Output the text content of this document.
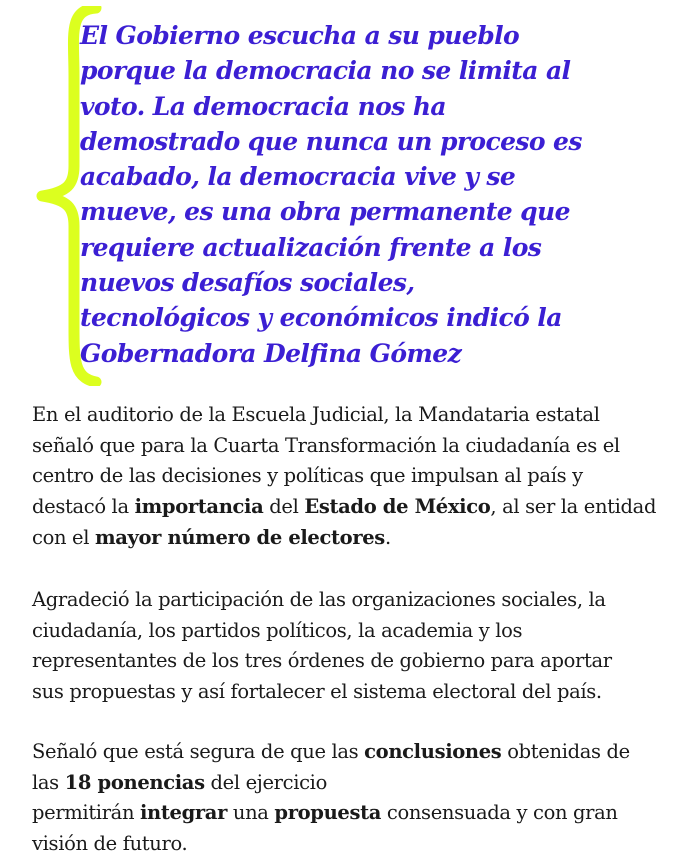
El Gobierno escucha a su pueblo
porque la democracia no se limita al
voto. La democracia nos ha
demostrado que nunca un proceso es
acabado, la democracia vive y se
mueve, es una obra permanente que
requiere actualización frente a los
nuevos desafíos sociales,
tecnológicos y económicos indicó la
Gobernadora Delfina Gómez

En el auditorio de la Escuela Judicial, la Mandataria estatal
señaló que para la Cuarta Transformación la ciudadanía es el
centro de las decisiones y políticas que impulsan al país y
destacó la importancia del Estado de México, al ser la entidad
con el mayor número de electores.

Agradeció la participación de las organizaciones sociales, la
ciudadanía, los partidos políticos, la academia y los
representantes de los tres órdenes de gobierno para aportar
sus propuestas y así fortalecer el sistema electoral del país.

Señaló que está segura de que las conclusiones obtenidas de
las 18 ponencias del ejercicio
permitirán integrar una propuesta consensuada y con gran
visión de futuro.
